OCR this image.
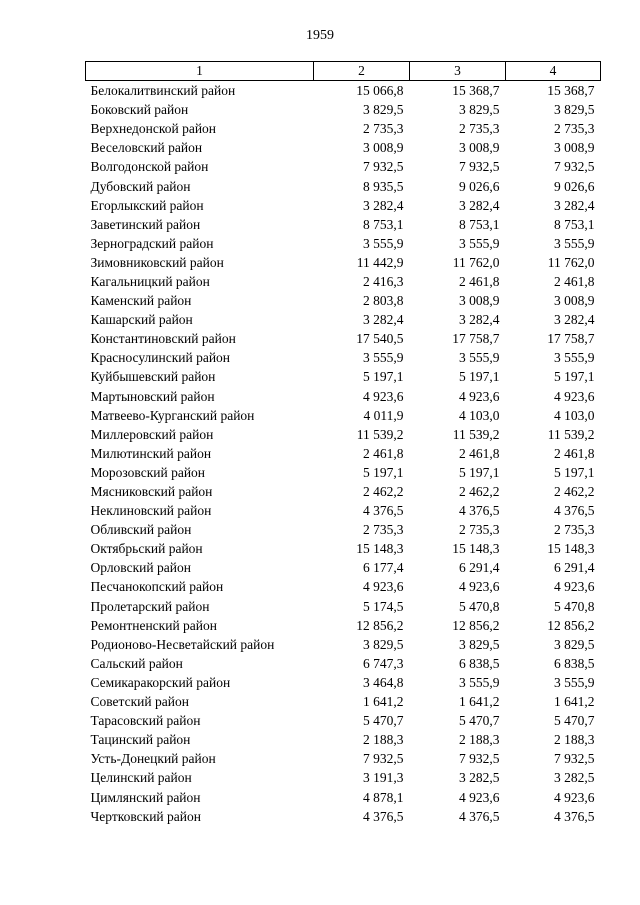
1959
1	2	3	4
Белокалитвинский район	15 066,8	15 368,7	15 368,7
Боковский район	3 829,5	3 829,5	3 829,5
Верхнедонской район	2 735,3	2 735,3	2 735,3
Веселовский район	3 008,9	3 008,9	3 008,9
Волгодонской район	7 932,5	7 932,5	7 932,5
Дубовский район	8 935,5	9 026,6	9 026,6
Егорлыкский район	3 282,4	3 282,4	3 282,4
Заветинский район	8 753,1	8 753,1	8 753,1
Зерноградский район	3 555,9	3 555,9	3 555,9
Зимовниковский район	11 442,9	11 762,0	11 762,0
Кагальницкий район	2 416,3	2 461,8	2 461,8
Каменский район	2 803,8	3 008,9	3 008,9
Кашарский район	3 282,4	3 282,4	3 282,4
Константиновский район	17 540,5	17 758,7	17 758,7
Красносулинский район	3 555,9	3 555,9	3 555,9
Куйбышевский район	5 197,1	5 197,1	5 197,1
Мартыновский район	4 923,6	4 923,6	4 923,6
Матвеево-Курганский район	4 011,9	4 103,0	4 103,0
Миллеровский район	11 539,2	11 539,2	11 539,2
Милютинский район	2 461,8	2 461,8	2 461,8
Морозовский район	5 197,1	5 197,1	5 197,1
Мясниковский район	2 462,2	2 462,2	2 462,2
Неклиновский район	4 376,5	4 376,5	4 376,5
Обливский район	2 735,3	2 735,3	2 735,3
Октябрьский район	15 148,3	15 148,3	15 148,3
Орловский район	6 177,4	6 291,4	6 291,4
Песчанокопский район	4 923,6	4 923,6	4 923,6
Пролетарский район	5 174,5	5 470,8	5 470,8
Ремонтненский район	12 856,2	12 856,2	12 856,2
Родионово-Несветайский район	3 829,5	3 829,5	3 829,5
Сальский район	6 747,3	6 838,5	6 838,5
Семикаракорский район	3 464,8	3 555,9	3 555,9
Советский район	1 641,2	1 641,2	1 641,2
Тарасовский район	5 470,7	5 470,7	5 470,7
Тацинский район	2 188,3	2 188,3	2 188,3
Усть-Донецкий район	7 932,5	7 932,5	7 932,5
Целинский район	3 191,3	3 282,5	3 282,5
Цимлянский район	4 878,1	4 923,6	4 923,6
Чертковский район	4 376,5	4 376,5	4 376,5
